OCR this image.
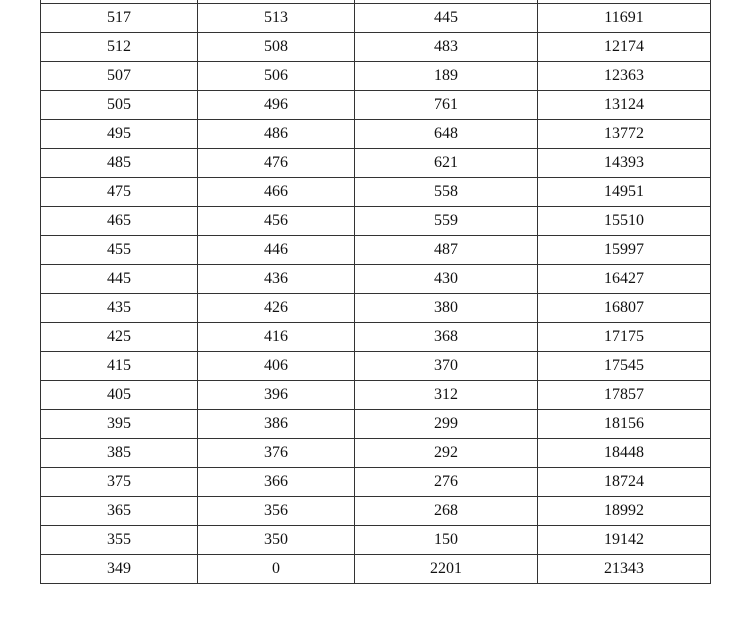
517	513	445	11691
512	508	483	12174
507	506	189	12363
505	496	761	13124
495	486	648	13772
485	476	621	14393
475	466	558	14951
465	456	559	15510
455	446	487	15997
445	436	430	16427
435	426	380	16807
425	416	368	17175
415	406	370	17545
405	396	312	17857
395	386	299	18156
385	376	292	18448
375	366	276	18724
365	356	268	18992
355	350	150	19142
349	0	2201	21343
